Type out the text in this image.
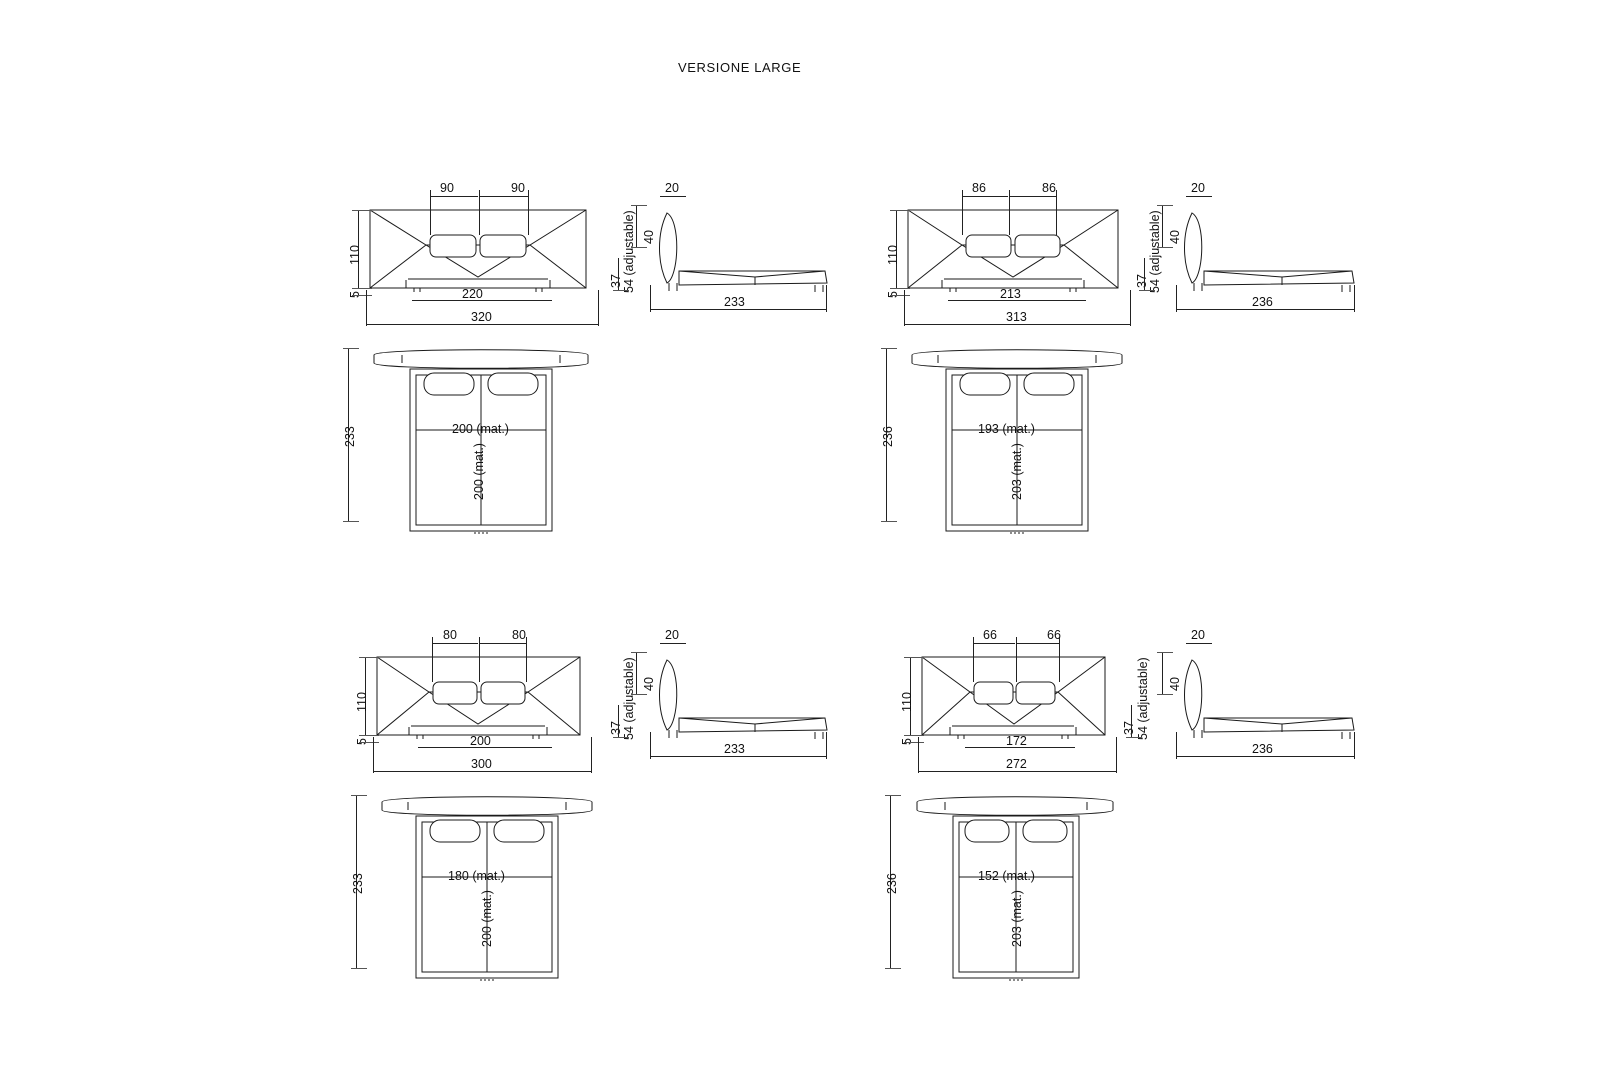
VERSIONE LARGE
90	90
110
5	220
320
20
54 (adjustable) 40
37
233
233	200 (mat.)
200 (mat.)
86	86
110
5	213
313
20
54 (adjustable) 40
37
236
236	193 (mat.)
203 (mat.)
80	80
110
5	200
300
20
54 (adjustable) 40
37
233
233	180 (mat.)
200 (mat.)
66	66
110
5	172
272
20
54 (adjustable) 40
37
236
236	152 (mat.)
203 (mat.)
